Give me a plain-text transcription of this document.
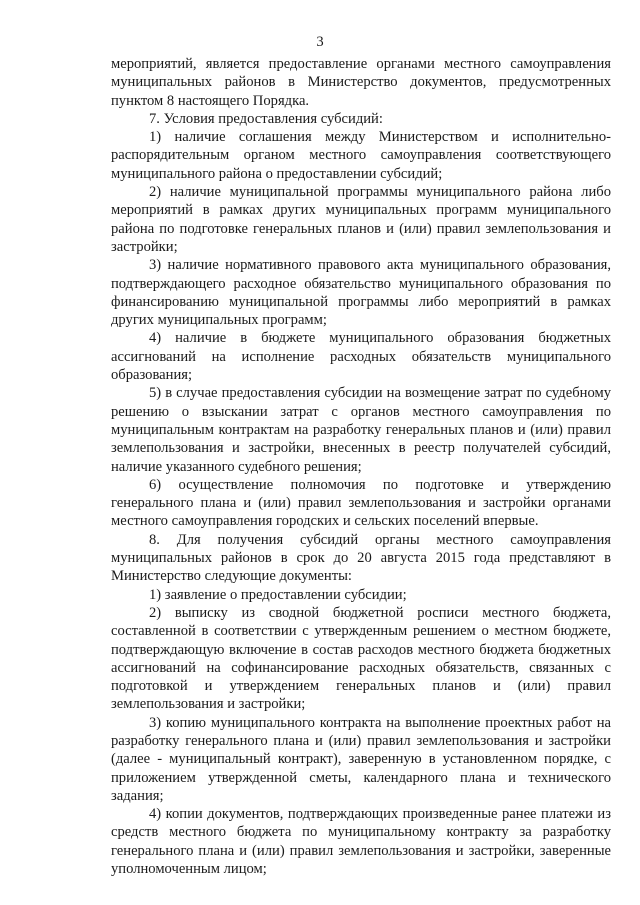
3

мероприятий, является предоставление органами местного самоуправления муниципальных районов в Министерство документов, предусмотренных пунктом 8 настоящего Порядка.

7. Условия предоставления субсидий:

1) наличие соглашения между Министерством и исполнительно-распорядительным органом местного самоуправления соответствующего муниципального района о предоставлении субсидий;

2) наличие муниципальной программы муниципального района либо мероприятий в рамках других муниципальных программ муниципального района по подготовке генеральных планов и (или) правил землепользования и застройки;

3) наличие нормативного правового акта муниципального образования, подтверждающего расходное обязательство муниципального образования по финансированию муниципальной программы либо мероприятий в рамках других муниципальных программ;

4) наличие в бюджете муниципального образования бюджетных ассигнований на исполнение расходных обязательств муниципального образования;

5) в случае предоставления субсидии на возмещение затрат по судебному решению о взыскании затрат с органов местного самоуправления по муниципальным контрактам на разработку генеральных планов и (или) правил землепользования и застройки, внесенных в реестр получателей субсидий, наличие указанного судебного решения;

6) осуществление полномочия по подготовке и утверждению генерального плана и (или) правил землепользования и застройки органами местного самоуправления городских и сельских поселений впервые.

8. Для получения субсидий органы местного самоуправления муниципальных районов в срок до 20 августа 2015 года представляют в Министерство следующие документы:

1) заявление о предоставлении субсидии;

2) выписку из сводной бюджетной росписи местного бюджета, составленной в соответствии с утвержденным решением о местном бюджете, подтверждающую включение в состав расходов местного бюджета бюджетных ассигнований на софинансирование расходных обязательств, связанных с подготовкой и утверждением генеральных планов и (или) правил землепользования и застройки;

3) копию муниципального контракта на выполнение проектных работ на разработку генерального плана и (или) правил землепользования и застройки (далее - муниципальный контракт), заверенную в установленном порядке, с приложением утвержденной сметы, календарного плана и технического задания;

4) копии документов, подтверждающих произведенные ранее платежи из средств местного бюджета по муниципальному контракту за разработку генерального плана и (или) правил землепользования и застройки, заверенные уполномоченным лицом;
